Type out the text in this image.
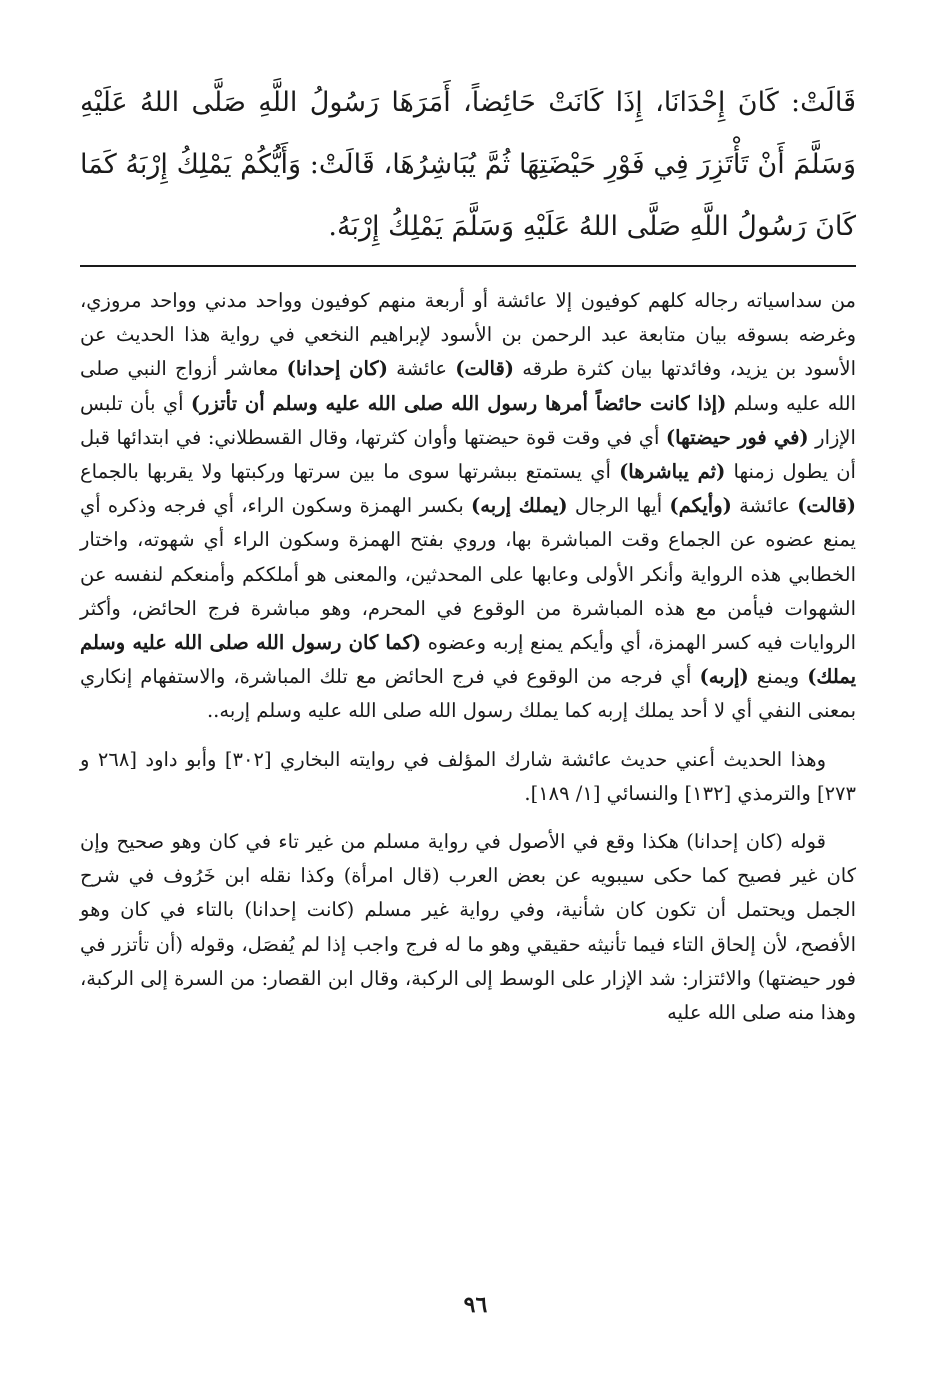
قَالَتْ: كَانَ إِحْدَانَا، إِذَا كَانَتْ حَائِضاً، أَمَرَهَا رَسُولُ اللَّهِ صَلَّى اللهُ عَلَيْهِ وَسَلَّمَ أَنْ تَأْتَزِرَ فِي فَوْرِ حَيْضَتِهَا ثُمَّ يُبَاشِرُهَا، قَالَتْ: وَأَيُّكُمْ يَمْلِكُ إِرْبَهُ كَمَا كَانَ رَسُولُ اللَّهِ صَلَّى اللهُ عَلَيْهِ وَسَلَّمَ يَمْلِكُ إِرْبَهُ.

من سداسياته رجاله كلهم كوفيون إلا عائشة أو أربعة منهم كوفيون وواحد مدني وواحد مروزي، وغرضه بسوقه بيان متابعة عبد الرحمن بن الأسود لإبراهيم النخعي في رواية هذا الحديث عن الأسود بن يزيد، وفائدتها بيان كثرة طرقه (قالت) عائشة (كان إحدانا) معاشر أزواج النبي صلى الله عليه وسلم (إذا كانت حائضاً أمرها رسول الله صلى الله عليه وسلم أن تأتزر) أي بأن تلبس الإزار (في فور حيضتها) أي في وقت قوة حيضتها وأوان كثرتها، وقال القسطلاني: في ابتدائها قبل أن يطول زمنها (ثم يباشرها) أي يستمتع ببشرتها سوى ما بين سرتها وركبتها ولا يقربها بالجماع (قالت) عائشة (وأيكم) أيها الرجال (يملك إربه) بكسر الهمزة وسكون الراء، أي فرجه وذكره أي يمنع عضوه عن الجماع وقت المباشرة بها، وروي بفتح الهمزة وسكون الراء أي شهوته، واختار الخطابي هذه الرواية وأنكر الأولى وعابها على المحدثين، والمعنى هو أملككم وأمنعكم لنفسه عن الشهوات فيأمن مع هذه المباشرة من الوقوع في المحرم، وهو مباشرة فرج الحائض، وأكثر الروايات فيه كسر الهمزة، أي وأيكم يمنع إربه وعضوه (كما كان رسول الله صلى الله عليه وسلم يملك) ويمنع (إربه) أي فرجه من الوقوع في فرج الحائض مع تلك المباشرة، والاستفهام إنكاري بمعنى النفي أي لا أحد يملك إربه كما يملك رسول الله صلى الله عليه وسلم إربه..

وهذا الحديث أعني حديث عائشة شارك المؤلف في روايته البخاري [٣٠٢] وأبو داود [٢٦٨ و ٢٧٣] والترمذي [١٣٢] والنسائي [١/ ١٨٩].

قوله (كان إحدانا) هكذا وقع في الأصول في رواية مسلم من غير تاء في كان وهو صحيح وإن كان غير فصيح كما حكى سيبويه عن بعض العرب (قال امرأة) وكذا نقله ابن خَرُوف في شرح الجمل ويحتمل أن تكون كان شأنية، وفي رواية غير مسلم (كانت إحدانا) بالتاء في كان وهو الأفصح، لأن إلحاق التاء فيما تأنيثه حقيقي وهو ما له فرج واجب إذا لم يُفصَل، وقوله (أن تأتزر في فور حيضتها) والائتزار: شد الإزار على الوسط إلى الركبة، وقال ابن القصار: من السرة إلى الركبة، وهذا منه صلى الله عليه

٩٦
